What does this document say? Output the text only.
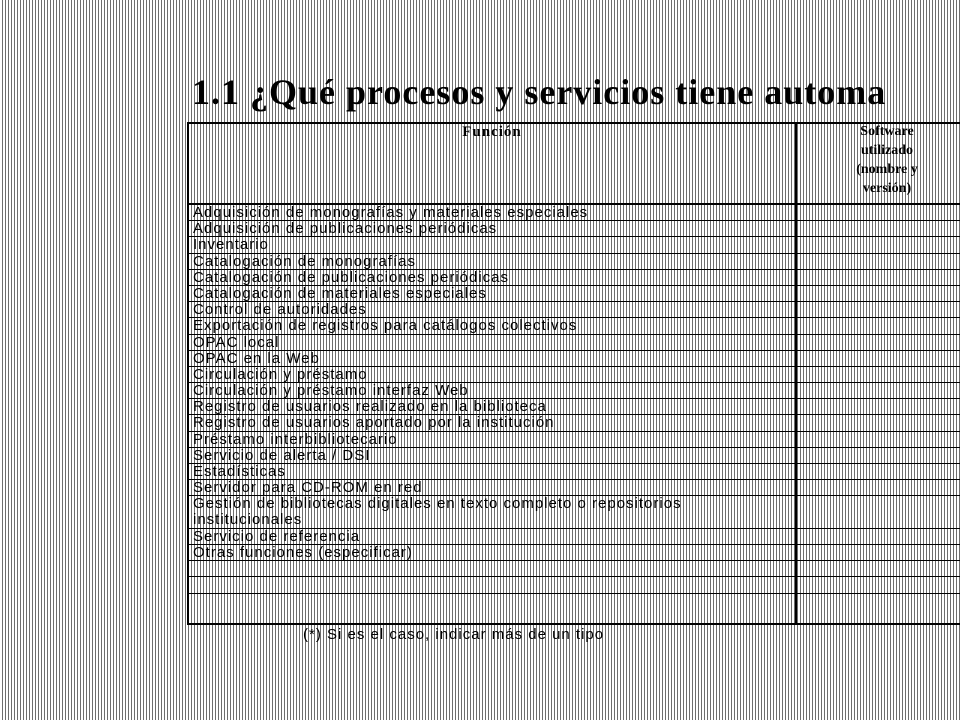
1.1 ¿Qué procesos y servicios tiene automa
Función	Software
utilizado
(nombre y
versión)
Adquisición de monografías y materiales especiales
Adquisición de publicaciones periódicas
Inventario
Catalogación de monografías
Catalogación de publicaciones periódicas
Catalogación de materiales especiales
Control de autoridades
Exportación de registros para catálogos colectivos
OPAC local
OPAC en la Web
Circulación y préstamo
Circulación y préstamo interfaz Web
Registro de usuarios realizado en la biblioteca
Registro de usuarios aportado por la institución
Préstamo interbibliotecario
Servicio de alerta / DSI
Estadísticas
Servidor para CD-ROM en red
Gestión de bibliotecas digitales en texto completo o repositorios institucionales
Servicio de referencia
Otras funciones (especificar)
(*) Si es el caso, indicar más de un tipo
